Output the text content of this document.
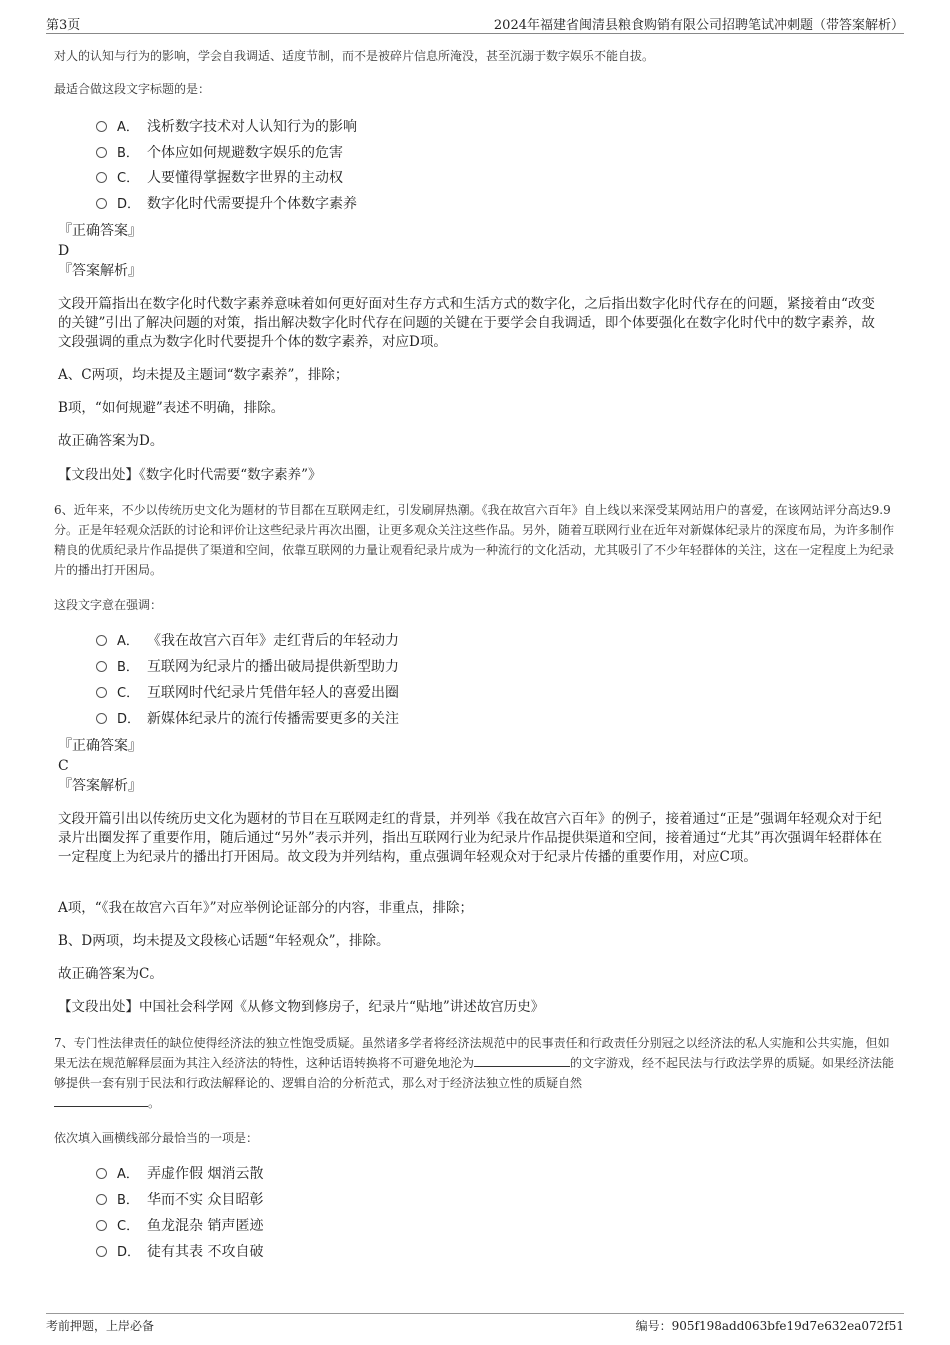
第3页	2024年福建省闽清县粮食购销有限公司招聘笔试冲刺题（带答案解析）
对人的认知与行为的影响，学会自我调适、适度节制，而不是被碎片信息所淹没，甚至沉溺于数字娱乐不能自拔。
最适合做这段文字标题的是：
A． 浅析数字技术对人认知行为的影响
B． 个体应如何规避数字娱乐的危害
C． 人要懂得掌握数字世界的主动权
D． 数字化时代需要提升个体数字素养
『正确答案』
D
『答案解析』
文段开篇指出在数字化时代数字素养意味着如何更好面对生存方式和生活方式的数字化，之后指出数字化时代存在的问题，紧接着由“改变的关键”引出了解决问题的对策，指出解决数字化时代存在问题的关键在于要学会自我调适，即个体要强化在数字化时代中的数字素养，故文段强调的重点为数字化时代要提升个体的数字素养，对应D项。
A、C两项，均未提及主题词“数字素养”，排除；
B项，“如何规避”表述不明确，排除。
故正确答案为D。
【文段出处】《数字化时代需要“数字素养”》
6、近年来，不少以传统历史文化为题材的节目都在互联网走红，引发刷屏热潮。《我在故宫六百年》自上线以来深受某网站用户的喜爱，在该网站评分高达9.9分。正是年轻观众活跃的讨论和评价让这些纪录片再次出圈，让更多观众关注这些作品。另外，随着互联网行业在近年对新媒体纪录片的深度布局，为许多制作精良的优质纪录片作品提供了渠道和空间，依靠互联网的力量让观看纪录片成为一种流行的文化活动，尤其吸引了不少年轻群体的关注，这在一定程度上为纪录片的播出打开困局。
这段文字意在强调：
A． 《我在故宫六百年》走红背后的年轻动力
B． 互联网为纪录片的播出破局提供新型助力
C． 互联网时代纪录片凭借年轻人的喜爱出圈
D． 新媒体纪录片的流行传播需要更多的关注
『正确答案』
C
『答案解析』
文段开篇引出以传统历史文化为题材的节目在互联网走红的背景，并列举《我在故宫六百年》的例子，接着通过“正是”强调年轻观众对于纪录片出圈发挥了重要作用，随后通过“另外”表示并列，指出互联网行业为纪录片作品提供渠道和空间，接着通过“尤其”再次强调年轻群体在一定程度上为纪录片的播出打开困局。故文段为并列结构，重点强调年轻观众对于纪录片传播的重要作用，对应C项。
A项，“《我在故宫六百年》”对应举例论证部分的内容，非重点，排除；
B、D两项，均未提及文段核心话题“年轻观众”，排除。
故正确答案为C。
【文段出处】中国社会科学网《从修文物到修房子，纪录片“贴地”讲述故宫历史》
7、专门性法律责任的缺位使得经济法的独立性饱受质疑。虽然诸多学者将经济法规范中的民事责任和行政责任分别冠之以经济法的私人实施和公共实施，但如果无法在规范解释层面为其注入经济法的特性，这种话语转换将不可避免地沦为	的文字游戏，经不起民法与行政法学界的质疑。如果经济法能够提供一套有别于民法和行政法解释论的、逻辑自洽的分析范式，那么对于经济法独立性的质疑自然
。
依次填入画横线部分最恰当的一项是：
A． 弄虚作假 烟消云散
B． 华而不实 众目昭彰
C． 鱼龙混杂 销声匿迹
D． 徒有其表 不攻自破
考前押题，上岸必备	编号：905f198add063bfe19d7e632ea072f51
